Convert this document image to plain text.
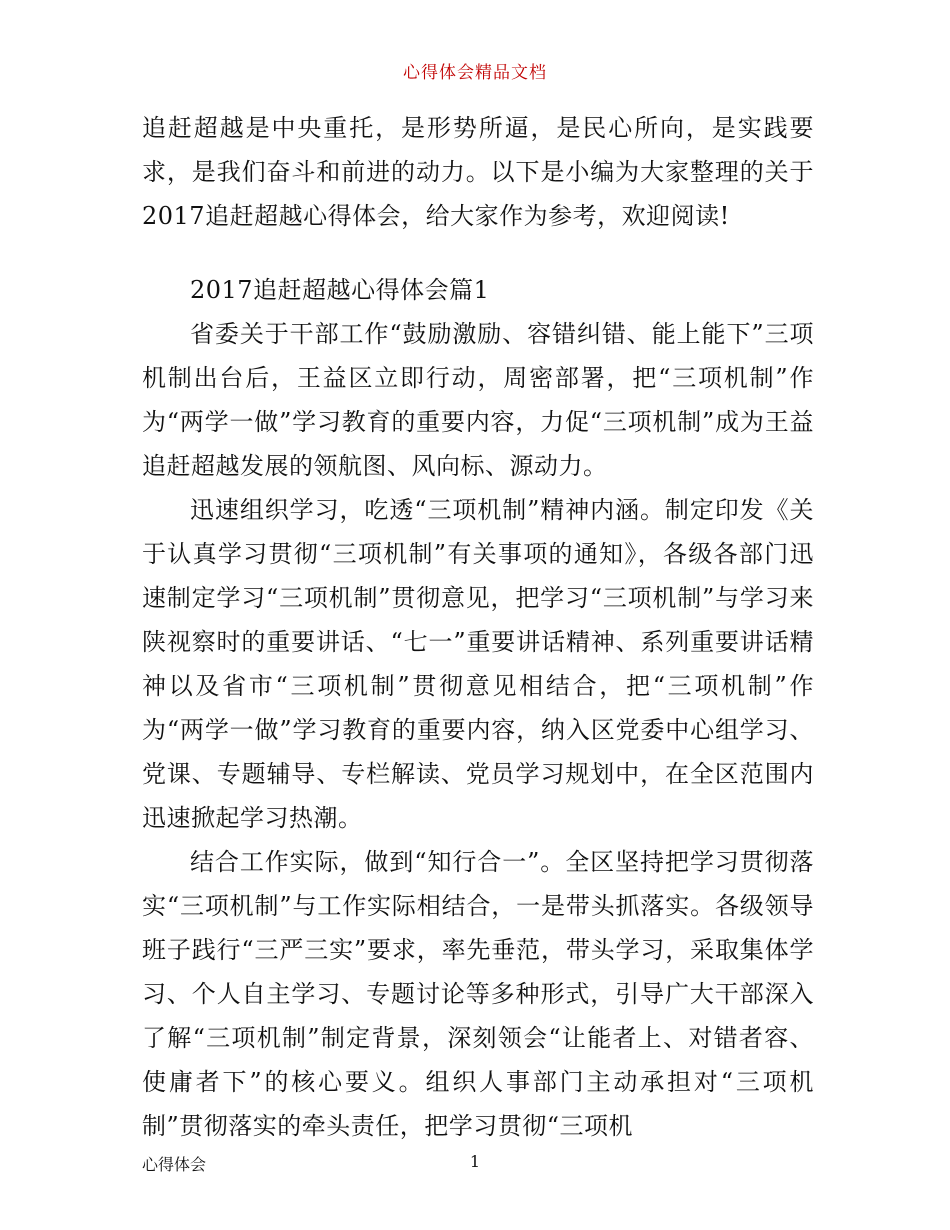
心得体会精品文档

追赶超越是中央重托，是形势所逼，是民心所向，是实践要求，是我们奋斗和前进的动力。以下是小编为大家整理的关于2017追赶超越心得体会，给大家作为参考，欢迎阅读!

2017追赶超越心得体会篇1

省委关于干部工作“鼓励激励、容错纠错、能上能下”三项机制出台后，王益区立即行动，周密部署，把“三项机制”作为“两学一做”学习教育的重要内容，力促“三项机制”成为王益追赶超越发展的领航图、风向标、源动力。

迅速组织学习，吃透“三项机制”精神内涵。制定印发《关于认真学习贯彻“三项机制”有关事项的通知》，各级各部门迅速制定学习“三项机制”贯彻意见，把学习“三项机制”与学习来陕视察时的重要讲话、“七一”重要讲话精神、系列重要讲话精神以及省市“三项机制”贯彻意见相结合，把“三项机制”作为“两学一做”学习教育的重要内容，纳入区党委中心组学习、党课、专题辅导、专栏解读、党员学习规划中，在全区范围内迅速掀起学习热潮。

结合工作实际，做到“知行合一”。全区坚持把学习贯彻落实“三项机制”与工作实际相结合，一是带头抓落实。各级领导班子践行“三严三实”要求，率先垂范，带头学习，采取集体学习、个人自主学习、专题讨论等多种形式，引导广大干部深入了解“三项机制”制定背景，深刻领会“让能者上、对错者容、使庸者下”的核心要义。组织人事部门主动承担对“三项机制”贯彻落实的牵头责任，把学习贯彻“三项机

心得体会	1
